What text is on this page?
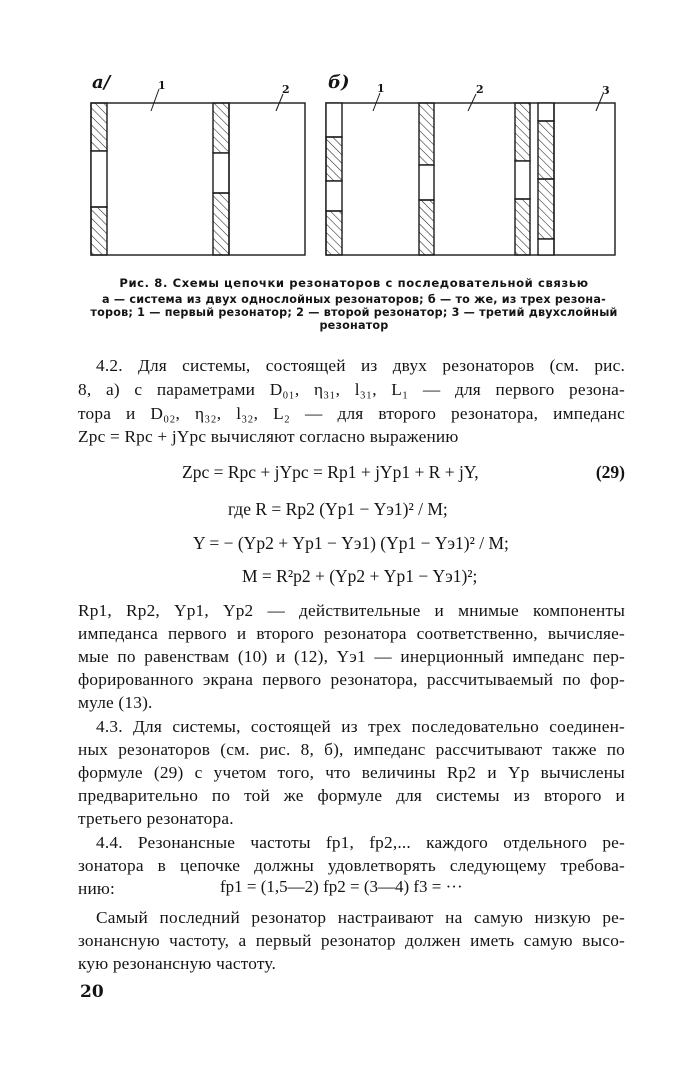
a/	б)
1	2	1	2	3
Рис. 8. Схемы цепочки резонаторов с последовательной связью
а — система из двух однослойных резонаторов; б — то же, из трех резона-
торов; 1 — первый резонатор; 2 — второй резонатор; 3 — третий двухслойный
резонатор
4.2. Для системы, состоящей из двух резонаторов (см. рис.
8, а) с параметрами D₀₁, η₃₁, l₃₁, L₁ — для первого резона-
тора и D₀₂, η₃₂, l₃₂, L₂ — для второго резонатора, импеданс
Zрс = Rрс + jYрс вычисляют согласно выражению
Zрс = Rрс + jYрс = Rр1 + jYр1 + R + jY,	(29)
где R = Rр2 (Yр1 − Yэ1)² / M;
Y = − (Yр2 + Yр1 − Yэ1) (Yр1 − Yэ1)² / M;
M = R²р2 + (Yр2 + Yр1 − Yэ1)²;
Rр1, Rр2, Yр1, Yр2 — действительные и мнимые компоненты
импеданса первого и второго резонатора соответственно, вычисляе-
мые по равенствам (10) и (12), Yэ1 — инерционный импеданс пер-
форированного экрана первого резонатора, рассчитываемый по фор-
муле (13).
4.3. Для системы, состоящей из трех последовательно соединен-
ных резонаторов (см. рис. 8, б), импеданс рассчитывают также по
формуле (29) с учетом того, что величины Rр2 и Yр вычислены
предварительно по той же формуле для системы из второго и
третьего резонатора.
4.4. Резонансные частоты fр1, fр2,... каждого отдельного ре-
зонатора в цепочке должны удовлетворять следующему требова-
нию:	fр1 = (1,5—2) fр2 = (3—4) f3 = ···
Самый последний резонатор настраивают на самую низкую ре-
зонансную частоту, а первый резонатор должен иметь самую высо-
кую резонансную частоту.
20
